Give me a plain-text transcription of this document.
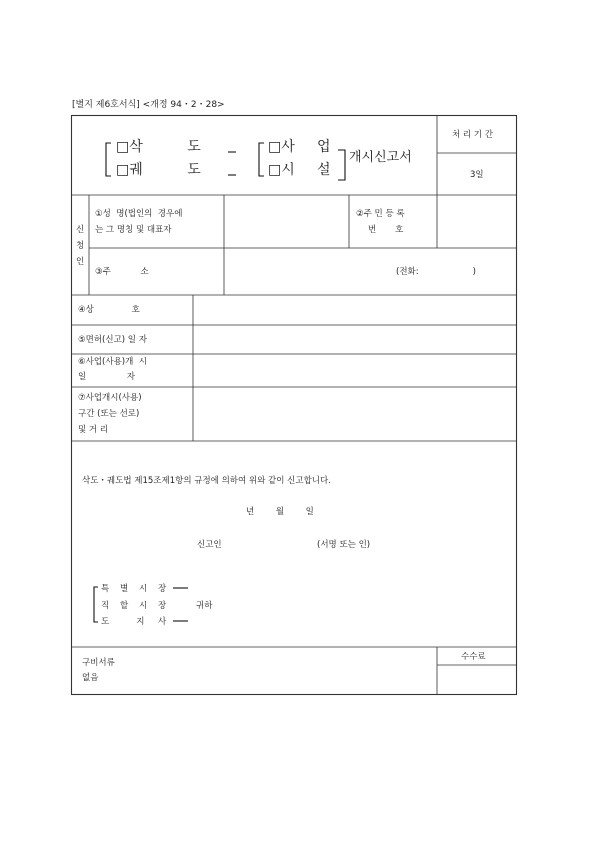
[별지 제6호서식] <개정 94・2・28>
□삭          도
□궤          도
□사     업
□시     설
개시신고서
처 리 기 간
3일
신
청
인
①성  명(법인의  경우에
는 그 명칭 및 대표자
②주 민 등 록
번       호
③주           소	(전화:                    )
④상              호
⑤면허(신고) 일 자
⑥사업(사용)개  시
일               자
⑦사업개시(사용)
구간 (또는 선로)
및 거 리
삭도・궤도법 제15조제1항의 규정에 의하여 위와 같이 신고합니다.
년        월        일
신고인	(서명 또는 인)
특    별    시    장
직    할    시    장
도          지     사
귀하
구비서류
없음
수수료
